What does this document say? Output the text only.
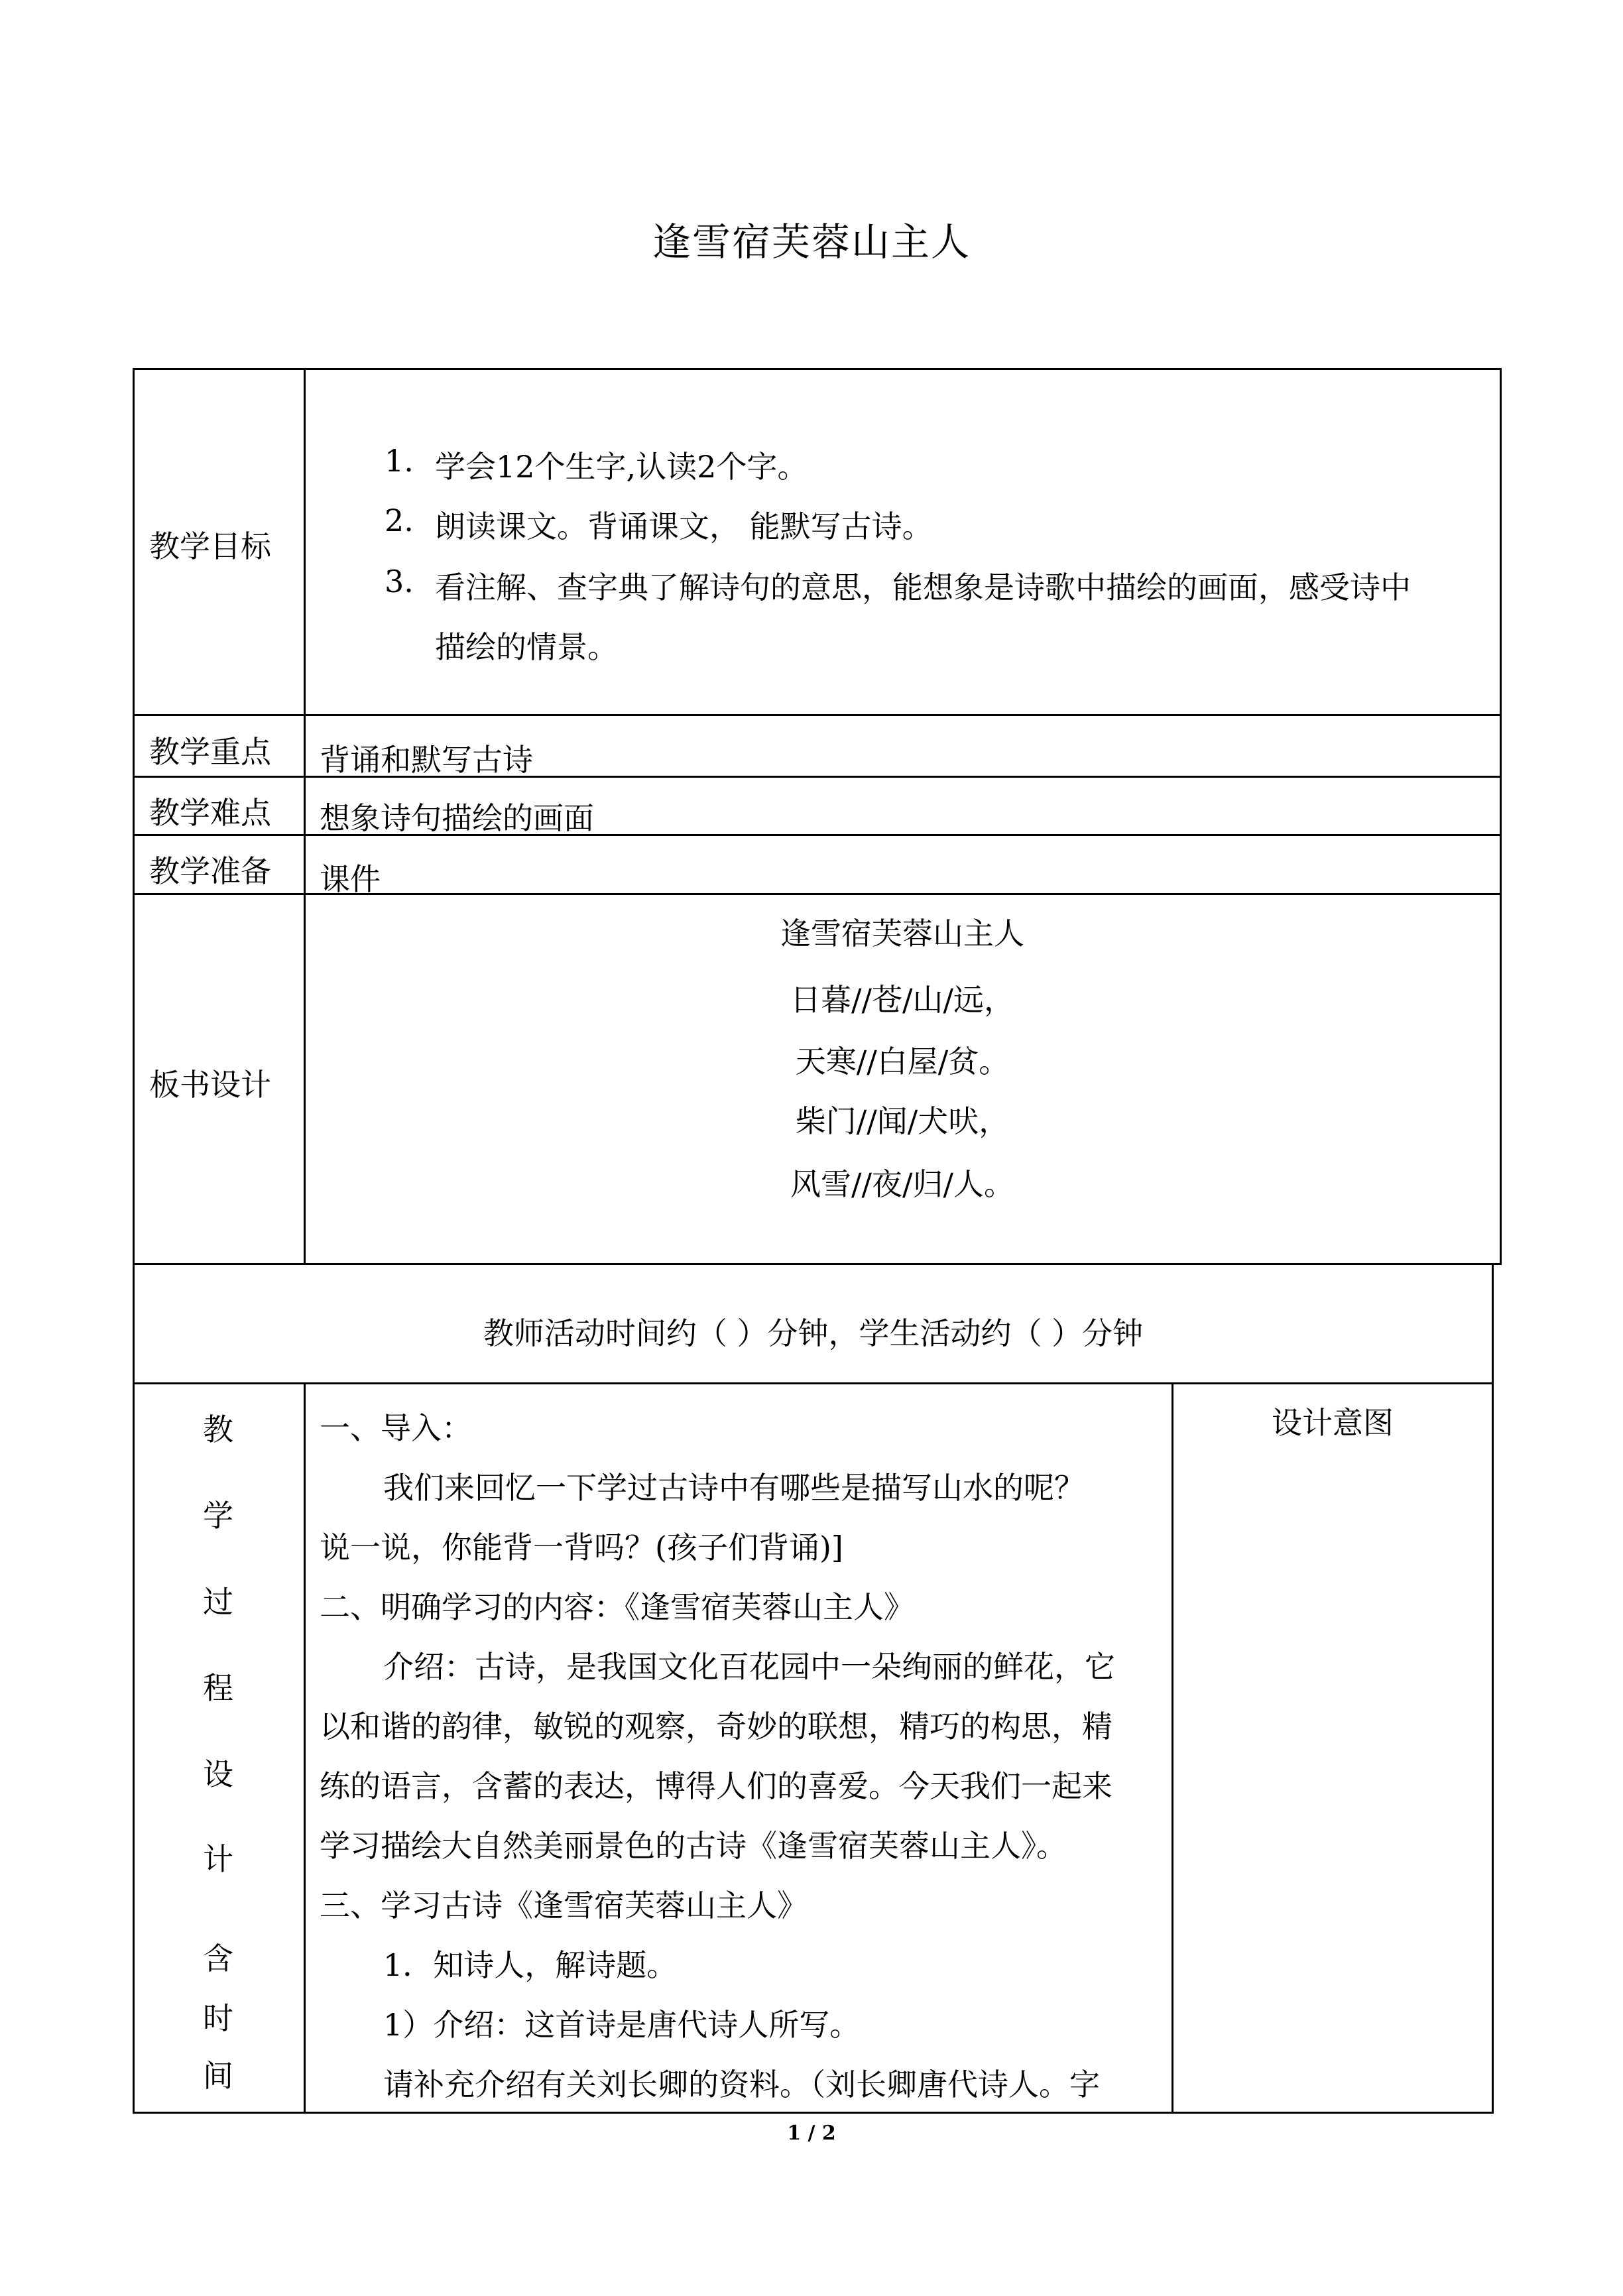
逢雪宿芙蓉山主人
教学目标
1. 学会12个生字,认读2个字。
2. 朗读课文。背诵课文， 能默写古诗。
3. 看注解、查字典了解诗句的意思，能想象是诗歌中描绘的画面，感受诗中
描绘的情景。
教学重点 背诵和默写古诗
教学难点 想象诗句描绘的画面
教学准备 课件
板书设计
逢雪宿芙蓉山主人
日暮//苍/山/远，
天寒//白屋/贫。
柴门//闻/犬吠，
风雪//夜/归/人。
教师活动时间约（ ）分钟，学生活动约（ ）分钟
教
学
过
程
设
计
含
时
间
一、导入：
我们来回忆一下学过古诗中有哪些是描写山水的呢？
说一说，你能背一背吗？(孩子们背诵)]
二、明确学习的内容：《逢雪宿芙蓉山主人》
介绍：古诗，是我国文化百花园中一朵绚丽的鲜花，它
以和谐的韵律，敏锐的观察，奇妙的联想，精巧的构思，精
练的语言，含蓄的表达，博得人们的喜爱。今天我们一起来
学习描绘大自然美丽景色的古诗《逢雪宿芙蓉山主人》。
三、学习古诗《逢雪宿芙蓉山主人》
1．知诗人，解诗题。
1）介绍：这首诗是唐代诗人所写。
请补充介绍有关刘长卿的资料。（刘长卿唐代诗人。字
设计意图
1 / 2
